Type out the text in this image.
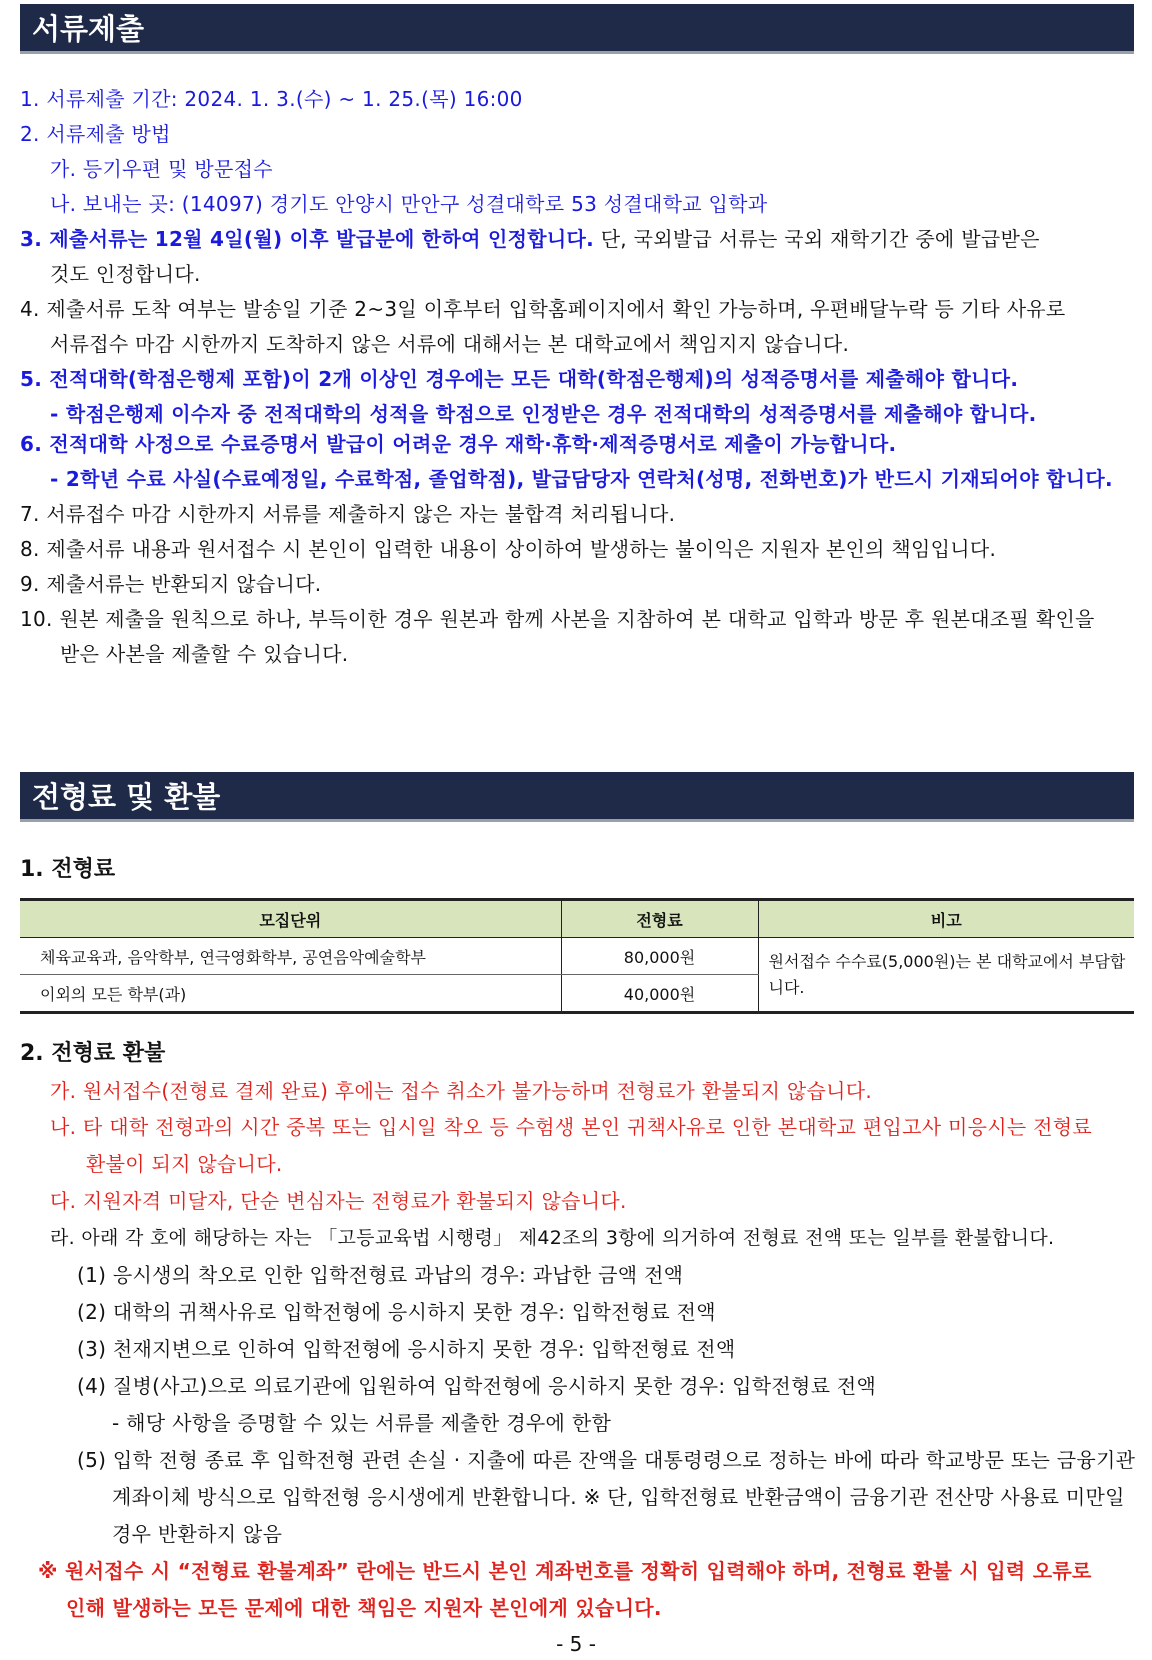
서류제출
1. 서류제출 기간: 2024. 1. 3.(수) ~ 1. 25.(목) 16:00
2. 서류제출 방법
가. 등기우편 및 방문접수
나. 보내는 곳: (14097) 경기도 안양시 만안구 성결대학로 53 성결대학교 입학과
3. 제출서류는 12월 4일(월) 이후 발급분에 한하여 인정합니다. 단, 국외발급 서류는 국외 재학기간 중에 발급받은
것도 인정합니다.
4. 제출서류 도착 여부는 발송일 기준 2~3일 이후부터 입학홈페이지에서 확인 가능하며, 우편배달누락 등 기타 사유로
서류접수 마감 시한까지 도착하지 않은 서류에 대해서는 본 대학교에서 책임지지 않습니다.
5. 전적대학(학점은행제 포함)이 2개 이상인 경우에는 모든 대학(학점은행제)의 성적증명서를 제출해야 합니다.
- 학점은행제 이수자 중 전적대학의 성적을 학점으로 인정받은 경우 전적대학의 성적증명서를 제출해야 합니다.
6. 전적대학 사정으로 수료증명서 발급이 어려운 경우 재학·휴학·제적증명서로 제출이 가능합니다.
- 2학년 수료 사실(수료예정일, 수료학점, 졸업학점), 발급담당자 연락처(성명, 전화번호)가 반드시 기재되어야 합니다.
7. 서류접수 마감 시한까지 서류를 제출하지 않은 자는 불합격 처리됩니다.
8. 제출서류 내용과 원서접수 시 본인이 입력한 내용이 상이하여 발생하는 불이익은 지원자 본인의 책임입니다.
9. 제출서류는 반환되지 않습니다.
10. 원본 제출을 원칙으로 하나, 부득이한 경우 원본과 함께 사본을 지참하여 본 대학교 입학과 방문 후 원본대조필 확인을
받은 사본을 제출할 수 있습니다.
전형료 및 환불
1. 전형료
모집단위	전형료	비고
체육교육과, 음악학부, 연극영화학부, 공연음악예술학부	80,000원	원서접수 수수료(5,000원)는 본 대학교에서 부담합니다.
이외의 모든 학부(과)	40,000원	
2. 전형료 환불
가. 원서접수(전형료 결제 완료) 후에는 접수 취소가 불가능하며 전형료가 환불되지 않습니다.
나. 타 대학 전형과의 시간 중복 또는 입시일 착오 등 수험생 본인 귀책사유로 인한 본대학교 편입고사 미응시는 전형료
환불이 되지 않습니다.
다. 지원자격 미달자, 단순 변심자는 전형료가 환불되지 않습니다.
라. 아래 각 호에 해당하는 자는 「고등교육법 시행령」 제42조의 3항에 의거하여 전형료 전액 또는 일부를 환불합니다.
(1) 응시생의 착오로 인한 입학전형료 과납의 경우: 과납한 금액 전액
(2) 대학의 귀책사유로 입학전형에 응시하지 못한 경우: 입학전형료 전액
(3) 천재지변으로 인하여 입학전형에 응시하지 못한 경우: 입학전형료 전액
(4) 질병(사고)으로 의료기관에 입원하여 입학전형에 응시하지 못한 경우: 입학전형료 전액
- 해당 사항을 증명할 수 있는 서류를 제출한 경우에 한함
(5) 입학 전형 종료 후 입학전형 관련 손실 · 지출에 따른 잔액을 대통령령으로 정하는 바에 따라 학교방문 또는 금융기관
계좌이체 방식으로 입학전형 응시생에게 반환합니다. ※ 단, 입학전형료 반환금액이 금융기관 전산망 사용료 미만일
경우 반환하지 않음
※ 원서접수 시 “전형료 환불계좌” 란에는 반드시 본인 계좌번호를 정확히 입력해야 하며, 전형료 환불 시 입력 오류로
인해 발생하는 모든 문제에 대한 책임은 지원자 본인에게 있습니다.
- 5 -
